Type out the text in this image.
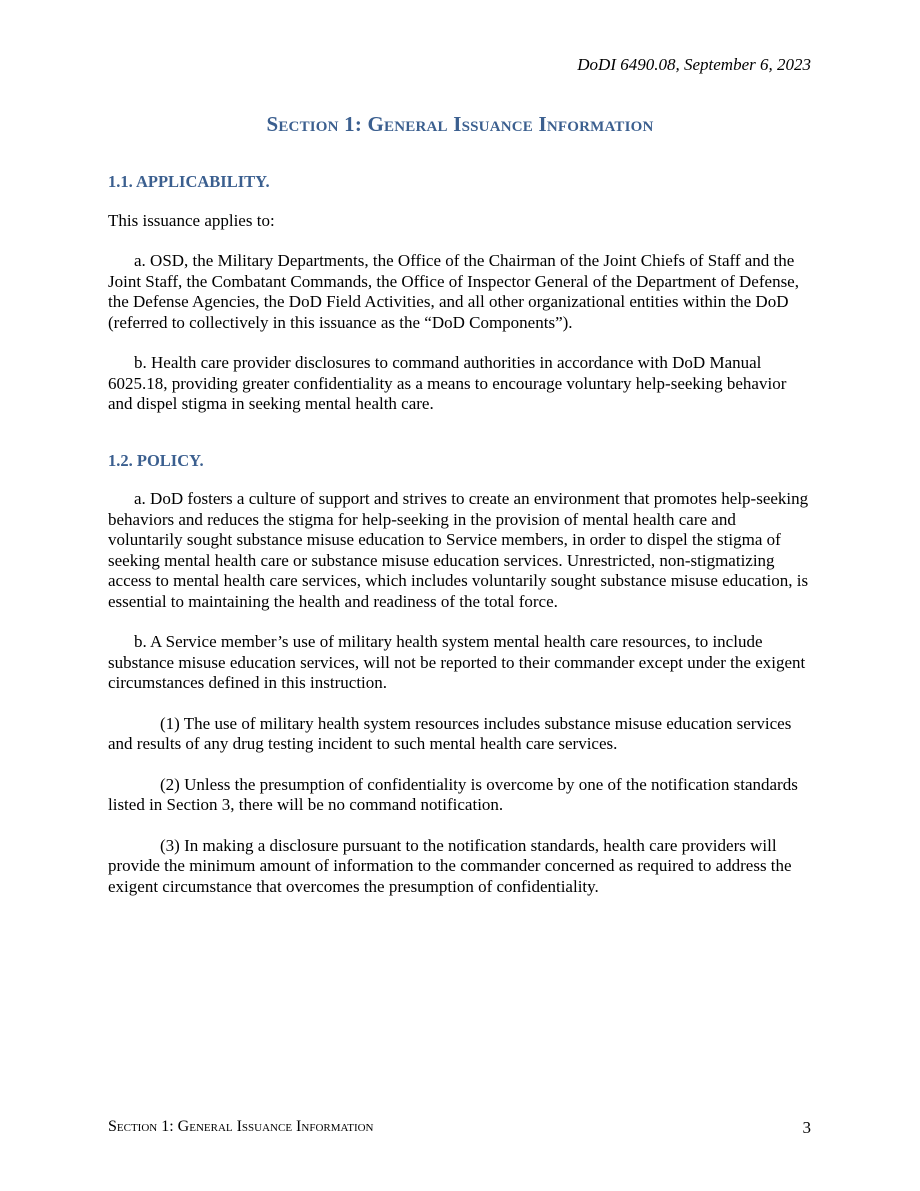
DoDI 6490.08, September 6, 2023
Section 1: General Issuance Information

1.1. APPLICABILITY.

This issuance applies to:

a. OSD, the Military Departments, the Office of the Chairman of the Joint Chiefs of Staff and the Joint Staff, the Combatant Commands, the Office of Inspector General of the Department of Defense, the Defense Agencies, the DoD Field Activities, and all other organizational entities within the DoD (referred to collectively in this issuance as the “DoD Components”).

b. Health care provider disclosures to command authorities in accordance with DoD Manual 6025.18, providing greater confidentiality as a means to encourage voluntary help-seeking behavior and dispel stigma in seeking mental health care.

1.2. POLICY.

a. DoD fosters a culture of support and strives to create an environment that promotes help-seeking behaviors and reduces the stigma for help-seeking in the provision of mental health care and voluntarily sought substance misuse education to Service members, in order to dispel the stigma of seeking mental health care or substance misuse education services. Unrestricted, non-stigmatizing access to mental health care services, which includes voluntarily sought substance misuse education, is essential to maintaining the health and readiness of the total force.

b. A Service member’s use of military health system mental health care resources, to include substance misuse education services, will not be reported to their commander except under the exigent circumstances defined in this instruction.

(1) The use of military health system resources includes substance misuse education services and results of any drug testing incident to such mental health care services.

(2) Unless the presumption of confidentiality is overcome by one of the notification standards listed in Section 3, there will be no command notification.

(3) In making a disclosure pursuant to the notification standards, health care providers will provide the minimum amount of information to the commander concerned as required to address the exigent circumstance that overcomes the presumption of confidentiality.

Section 1: General Issuance Information	3
